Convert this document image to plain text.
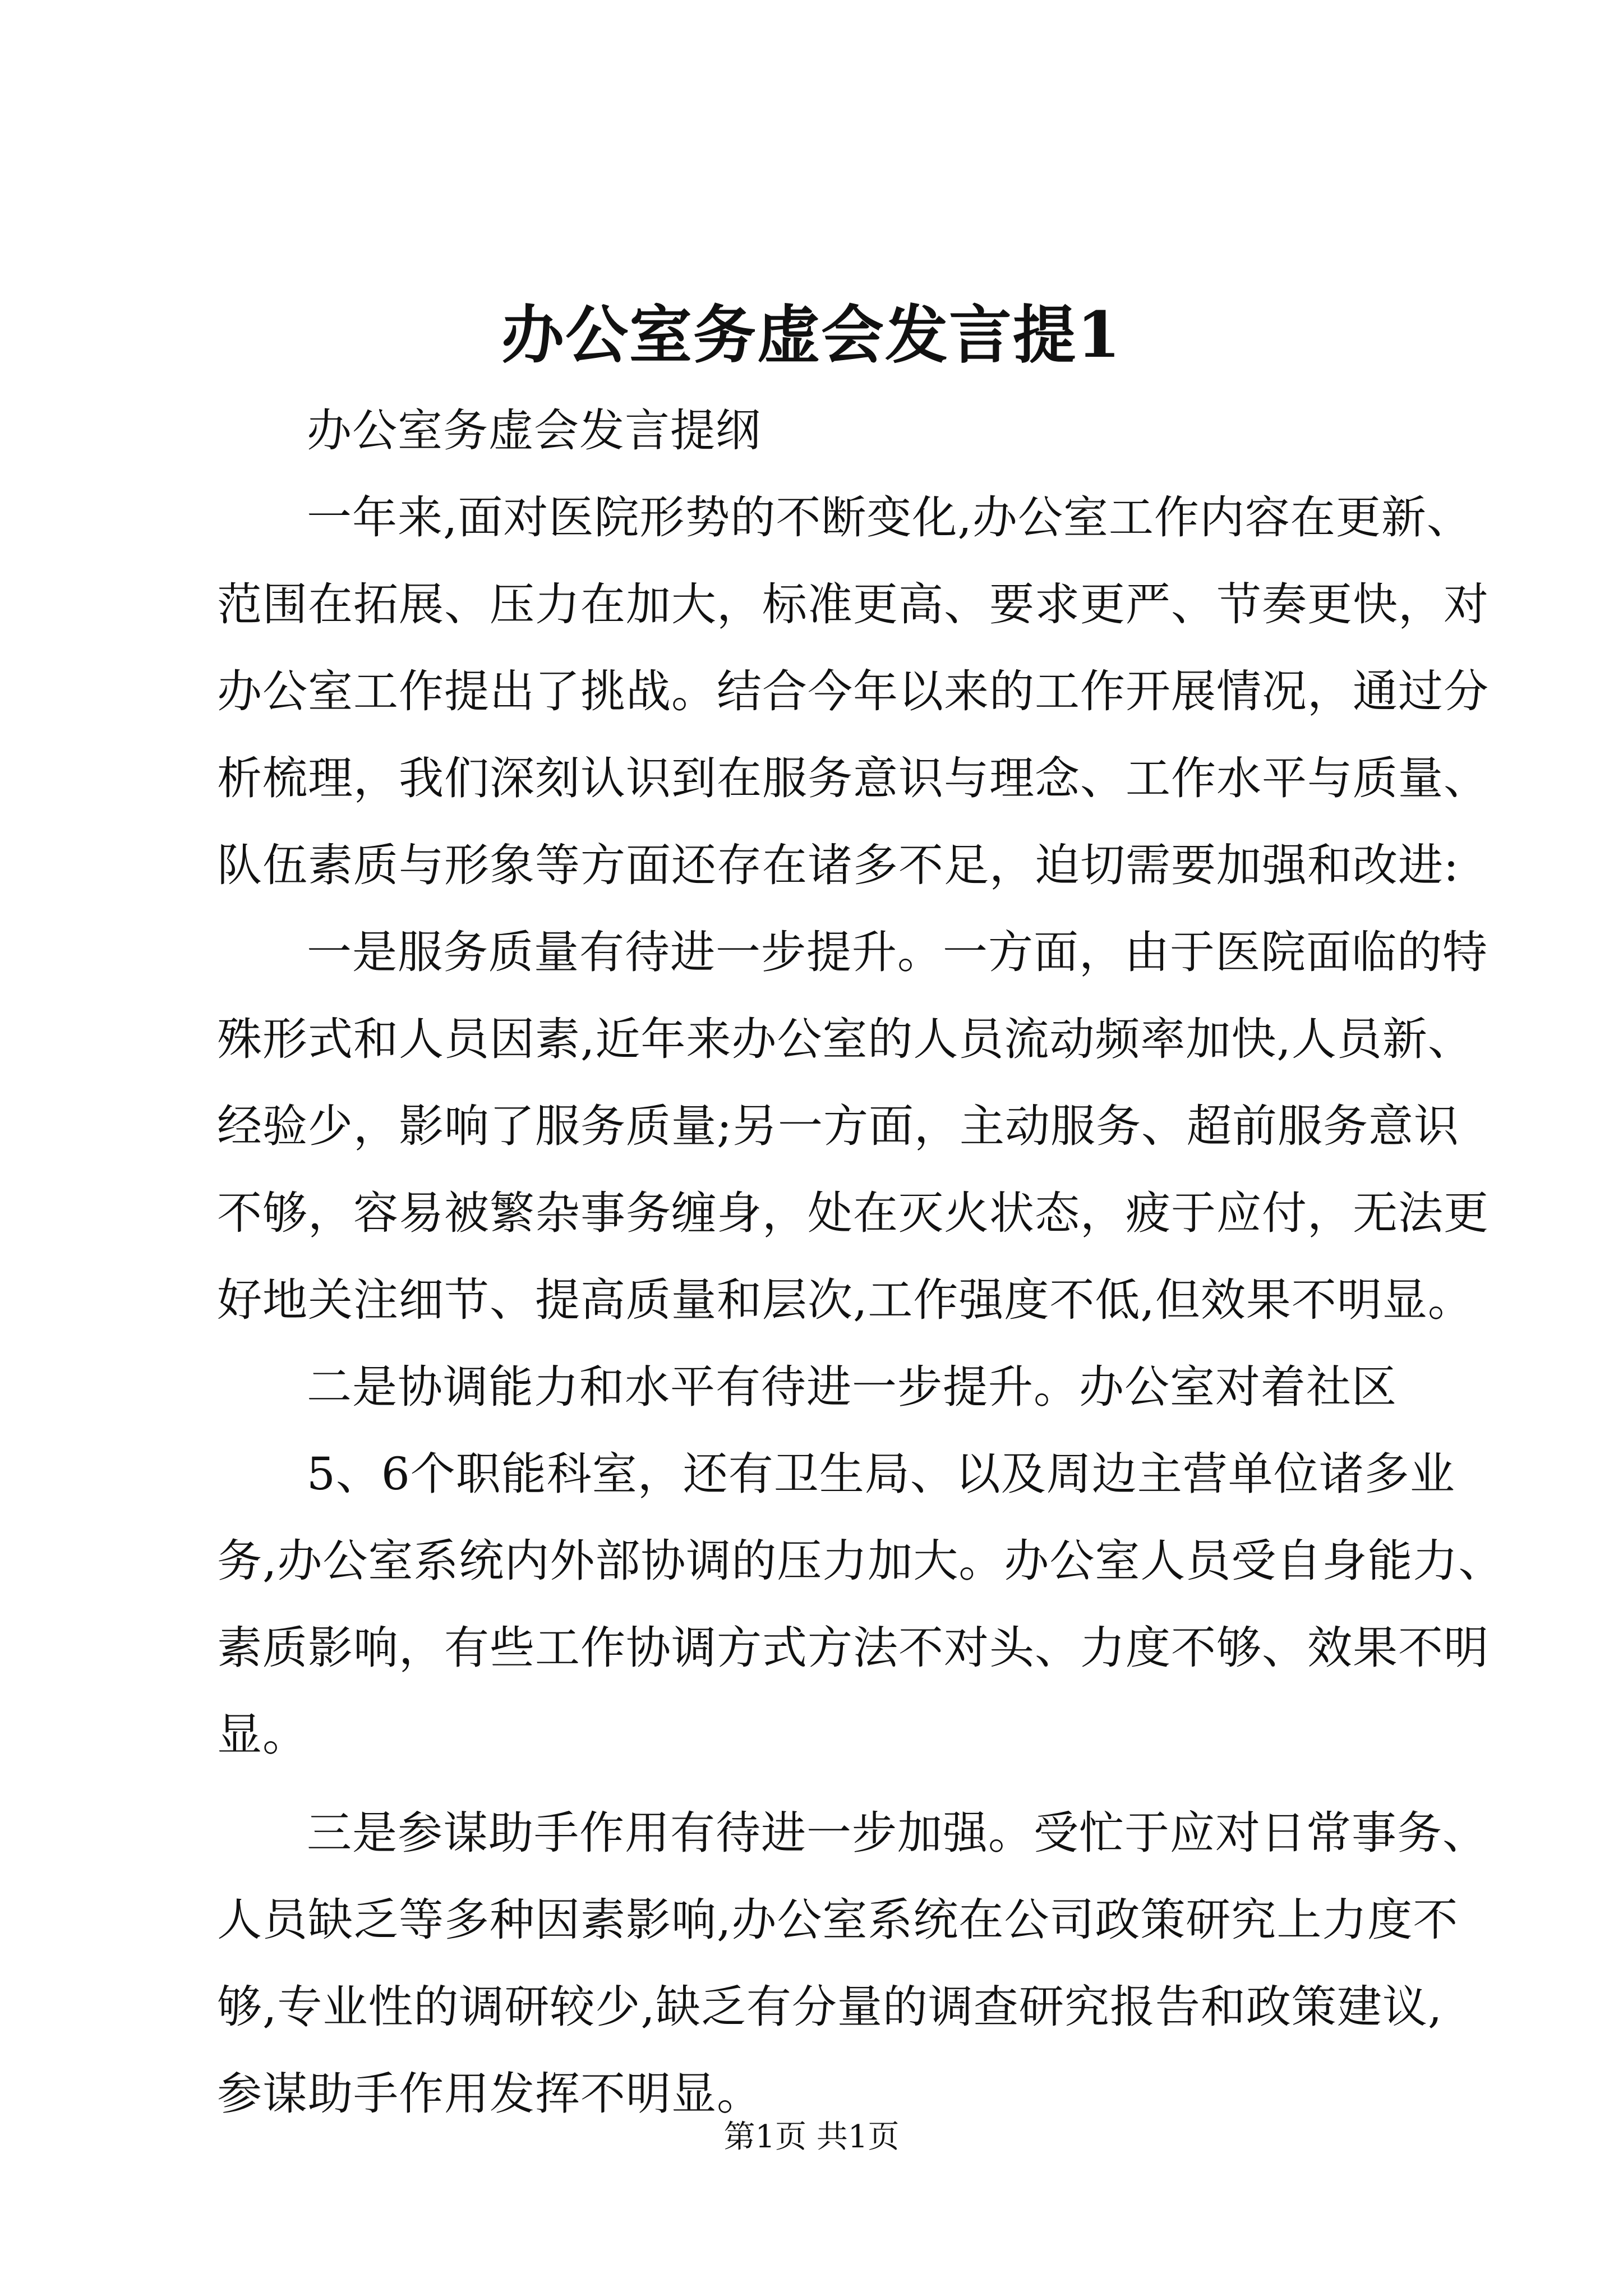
办公室务虚会发言提1
办公室务虚会发言提纲
一年来,面对医院形势的不断变化,办公室工作内容在更新、
范围在拓展、压力在加大，标准更高、要求更严、节奏更快，对
办公室工作提出了挑战。结合今年以来的工作开展情况，通过分
析梳理，我们深刻认识到在服务意识与理念、工作水平与质量、
队伍素质与形象等方面还存在诸多不足，迫切需要加强和改进:
一是服务质量有待进一步提升。一方面，由于医院面临的特
殊形式和人员因素,近年来办公室的人员流动频率加快,人员新、
经验少，影响了服务质量;另一方面，主动服务、超前服务意识
不够，容易被繁杂事务缠身，处在灭火状态，疲于应付，无法更
好地关注细节、提高质量和层次,工作强度不低,但效果不明显。
二是协调能力和水平有待进一步提升。办公室对着社区
5、6个职能科室，还有卫生局、以及周边主营单位诸多业
务,办公室系统内外部协调的压力加大。办公室人员受自身能力、
素质影响，有些工作协调方式方法不对头、力度不够、效果不明
显。
三是参谋助手作用有待进一步加强。受忙于应对日常事务、
人员缺乏等多种因素影响,办公室系统在公司政策研究上力度不
够,专业性的调研较少,缺乏有分量的调查研究报告和政策建议,
参谋助手作用发挥不明显。
第1页 共1页
